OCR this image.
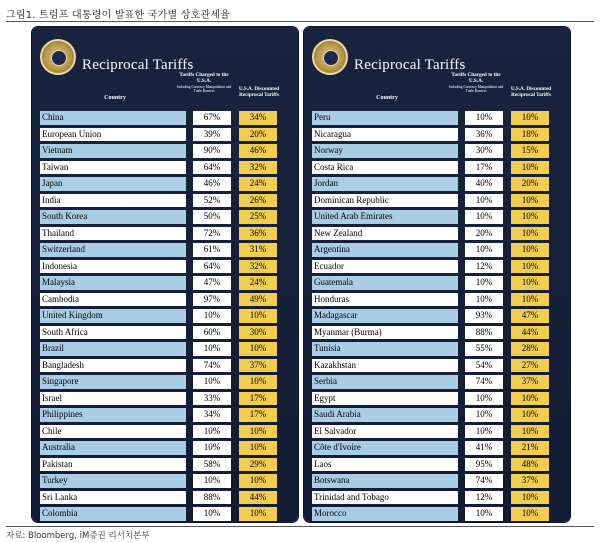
그림1. 트럼프 대통령이 발표한 국가별 상호관세율
Reciprocal Tariffs
Country
Tariffs Charged to the U.S.A.
Including Currency Manipulation and Trade Barriers	U.S.A. Discounted Reciprocal Tariffs
China	67%	34%
European Union	39%	20%
Vietnam	90%	46%
Taiwan	64%	32%
Japan	46%	24%
India	52%	26%
South Korea	50%	25%
Thailand	72%	36%
Switzerland	61%	31%
Indonesia	64%	32%
Malaysia	47%	24%
Cambodia	97%	49%
United Kingdom	10%	10%
South Africa	60%	30%
Brazil	10%	10%
Bangladesh	74%	37%
Singapore	10%	10%
Israel	33%	17%
Philippines	34%	17%
Chile	10%	10%
Australia	10%	10%
Pakistan	58%	29%
Turkey	10%	10%
Sri Lanka	88%	44%
Colombia	10%	10%
Reciprocal Tariffs
Country
Tariffs Charged to the U.S.A.
Including Currency Manipulation and Trade Barriers	U.S.A. Discounted Reciprocal Tariffs
Peru	10%	10%
Nicaragua	36%	18%
Norway	30%	15%
Costa Rica	17%	10%
Jordan	40%	20%
Dominican Republic	10%	10%
United Arab Emirates	10%	10%
New Zealand	20%	10%
Argentina	10%	10%
Ecuador	12%	10%
Guatemala	10%	10%
Honduras	10%	10%
Madagascar	93%	47%
Myanmar (Burma)	88%	44%
Tunisia	55%	28%
Kazakhstan	54%	27%
Serbia	74%	37%
Egypt	10%	10%
Saudi Arabia	10%	10%
El Salvador	10%	10%
Côte d'Ivoire	41%	21%
Laos	95%	48%
Botswana	74%	37%
Trinidad and Tobago	12%	10%
Morocco	10%	10%
자료: Bloomberg, iM증권 리서치본부
